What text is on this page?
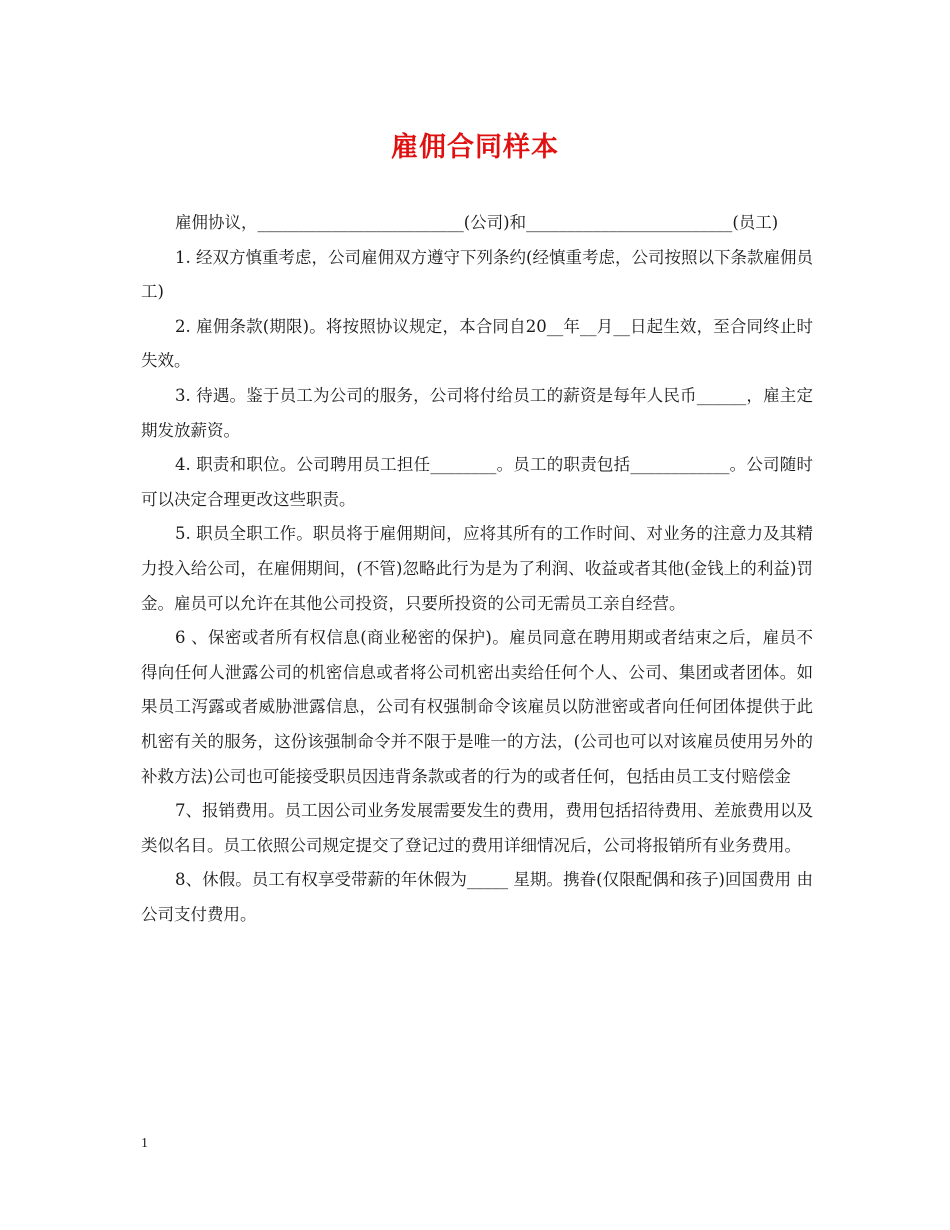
雇佣合同样本

雇佣协议，_________________________(公司)和_________________________(员工)

1. 经双方慎重考虑，公司雇佣双方遵守下列条约(经慎重考虑，公司按照以下条款雇佣员工)

2. 雇佣条款(期限)。将按照协议规定，本合同自20__年__月__日起生效，至合同终止时失效。

3. 待遇。鉴于员工为公司的服务，公司将付给员工的薪资是每年人民币______，雇主定期发放薪资。

4. 职责和职位。公司聘用员工担任________。员工的职责包括____________。公司随时可以决定合理更改这些职责。

5. 职员全职工作。职员将于雇佣期间，应将其所有的工作时间、对业务的注意力及其精力投入给公司，在雇佣期间，(不管)忽略此行为是为了利润、收益或者其他(金钱上的利益)罚金。雇员可以允许在其他公司投资，只要所投资的公司无需员工亲自经营。

6 、保密或者所有权信息(商业秘密的保护)。雇员同意在聘用期或者结束之后，雇员不得向任何人泄露公司的机密信息或者将公司机密出卖给任何个人、公司、集团或者团体。如果员工泻露或者威胁泄露信息，公司有权强制命令该雇员以防泄密或者向任何团体提供于此机密有关的服务，这份该强制命令并不限于是唯一的方法，(公司也可以对该雇员使用另外的补救方法)公司也可能接受职员因违背条款或者的行为的或者任何，包括由员工支付赔偿金

7、报销费用。员工因公司业务发展需要发生的费用，费用包括招待费用、差旅费用以及类似名目。员工依照公司规定提交了登记过的费用详细情况后，公司将报销所有业务费用。

8、休假。员工有权享受带薪的年休假为_____ 星期。携眷(仅限配偶和孩子)回国费用 由公司支付费用。

1
